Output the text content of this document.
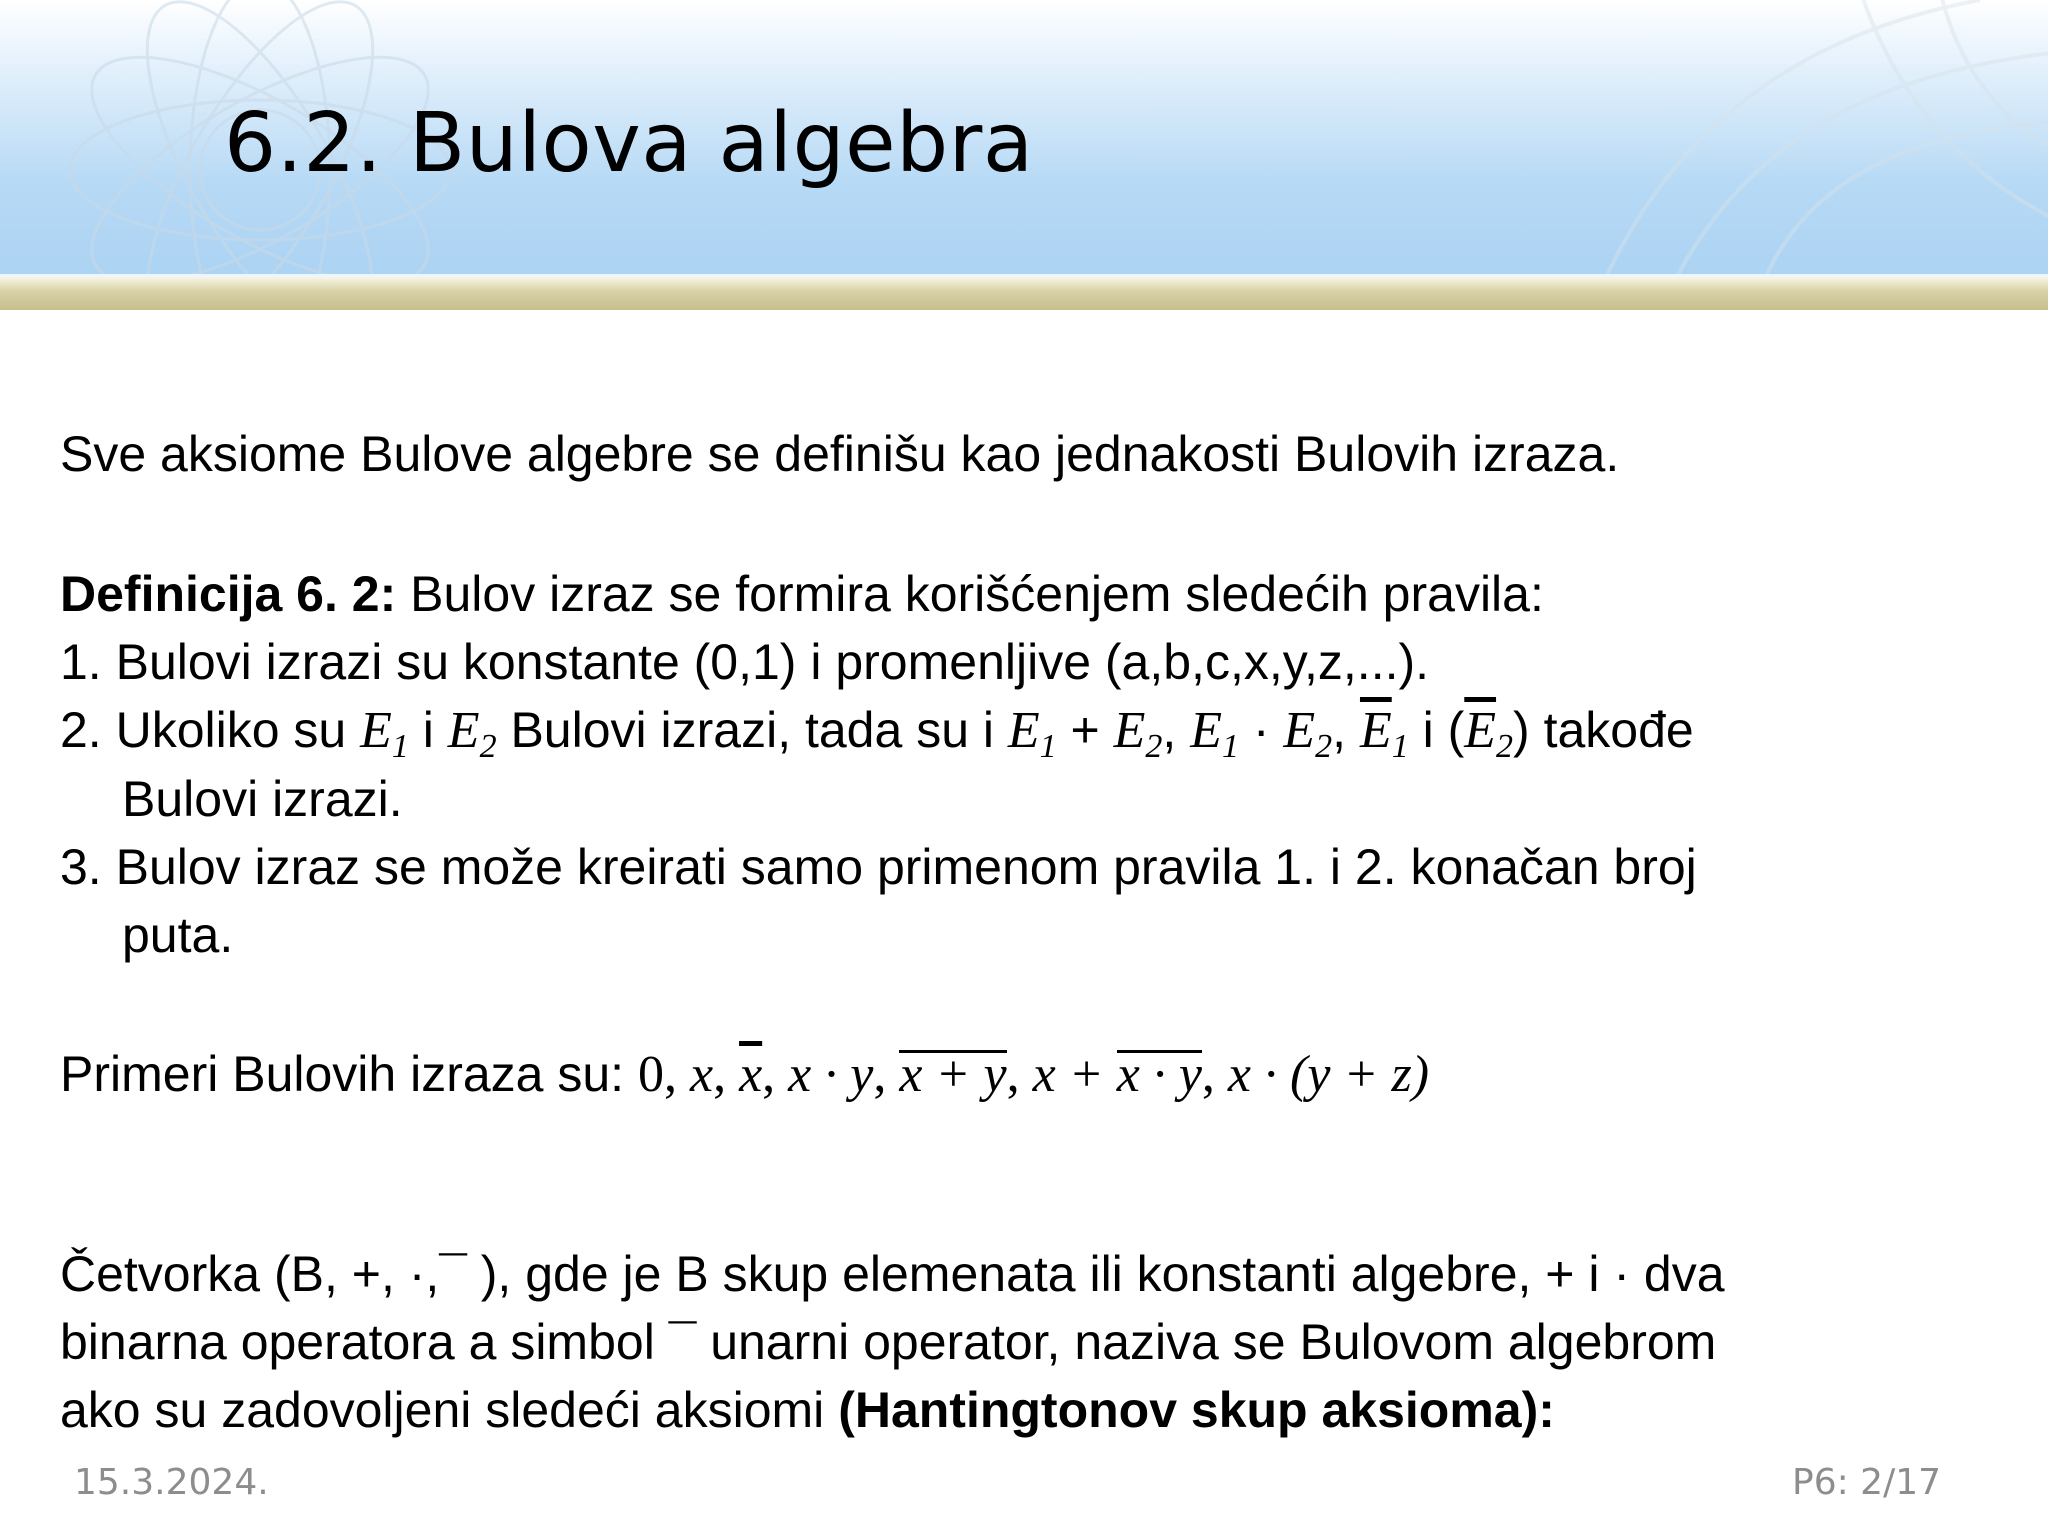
6.2. Bulova algebra
Sve aksiome Bulove algebre se definišu kao jednakosti Bulovih izraza.
Definicija 6. 2: Bulov izraz se formira korišćenjem sledećih pravila:
1. Bulovi izrazi su konstante (0,1) i promenljive (a,b,c,x,y,z,...).
2. Ukoliko su $E_1$ i $E_2$ Bulovi izrazi, tada su i $E_1 + E_2$, $E_1 \cdot E_2$, $\overline{E}_1$ i $(\overline{E}_2)$ takođe
Bulovi izrazi.
3. Bulov izraz se može kreirati samo primenom pravila 1. i 2. konačan broj
puta.
Primeri Bulovih izraza su: 0, x, $\overline{x}$, x · y, x + y, x + x · y, x · (y + z)
Četvorka (B, +, ·,¯ ), gde je B skup elemenata ili konstanti algebre, + i · dva
binarna operatora a simbol ¯ unarni operator, naziva se Bulovom algebrom
ako su zadovoljeni sledeći aksiomi (Hantingtonov skup aksioma):
15.3.2024.	P6: 2/17
